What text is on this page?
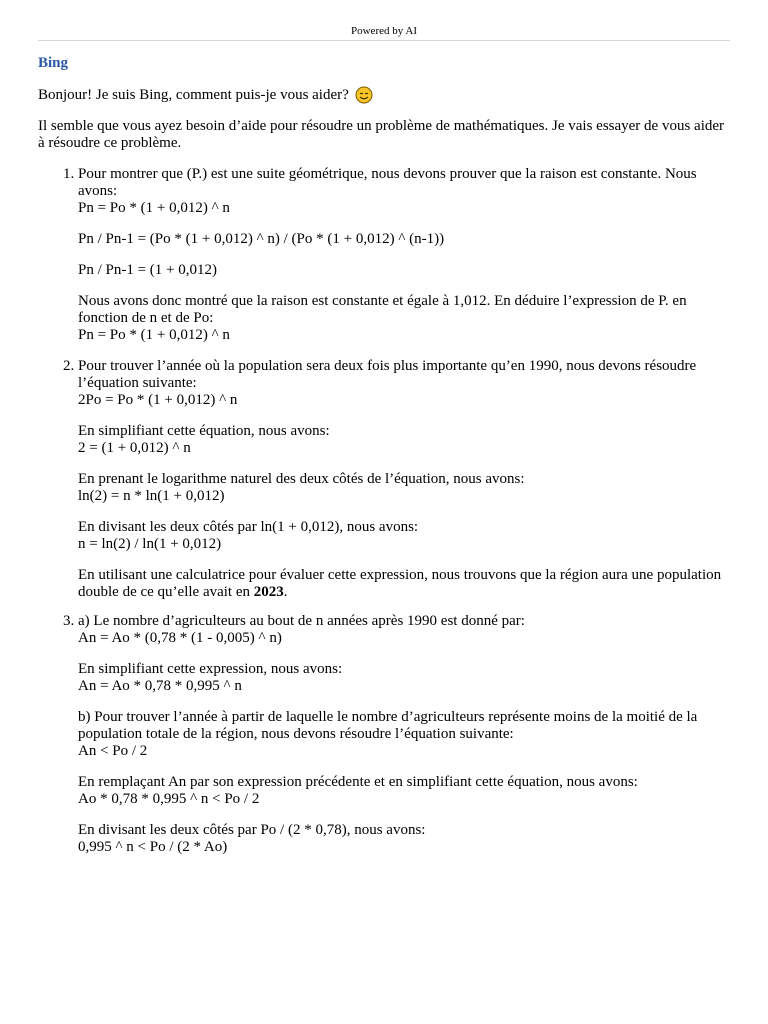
Powered by AI
Bing

Bonjour! Je suis Bing, comment puis-je vous aider?

Il semble que vous ayez besoin d’aide pour résoudre un problème de mathématiques. Je vais essayer de vous aider à résoudre ce problème.

1. Pour montrer que (P.) est une suite géométrique, nous devons prouver que la raison est constante. Nous avons:

Pn = Po * (1 + 0,012) ^ n

Pn / Pn-1 = (Po * (1 + 0,012) ^ n) / (Po * (1 + 0,012) ^ (n-1))

Pn / Pn-1 = (1 + 0,012)

Nous avons donc montré que la raison est constante et égale à 1,012. En déduire l’expression de P. en fonction de n et de Po:

Pn = Po * (1 + 0,012) ^ n

2. Pour trouver l’année où la population sera deux fois plus importante qu’en 1990, nous devons résoudre l’équation suivante:

2Po = Po * (1 + 0,012) ^ n

En simplifiant cette équation, nous avons:

2 = (1 + 0,012) ^ n

En prenant le logarithme naturel des deux côtés de l’équation, nous avons:

ln(2) = n * ln(1 + 0,012)

En divisant les deux côtés par ln(1 + 0,012), nous avons:

n = ln(2) / ln(1 + 0,012)

En utilisant une calculatrice pour évaluer cette expression, nous trouvons que la région aura une population double de ce qu’elle avait en 2023.

3. a) Le nombre d’agriculteurs au bout de n années après 1990 est donné par:

An = Ao * (0,78 * (1 - 0,005) ^ n)

En simplifiant cette expression, nous avons:

An = Ao * 0,78 * 0,995 ^ n

b) Pour trouver l’année à partir de laquelle le nombre d’agriculteurs représente moins de la moitié de la population totale de la région, nous devons résoudre l’équation suivante:

An < Po / 2

En remplaçant An par son expression précédente et en simplifiant cette équation, nous avons:

Ao * 0,78 * 0,995 ^ n < Po / 2

En divisant les deux côtés par Po / (2 * 0,78), nous avons:

0,995 ^ n < Po / (2 * Ao)
